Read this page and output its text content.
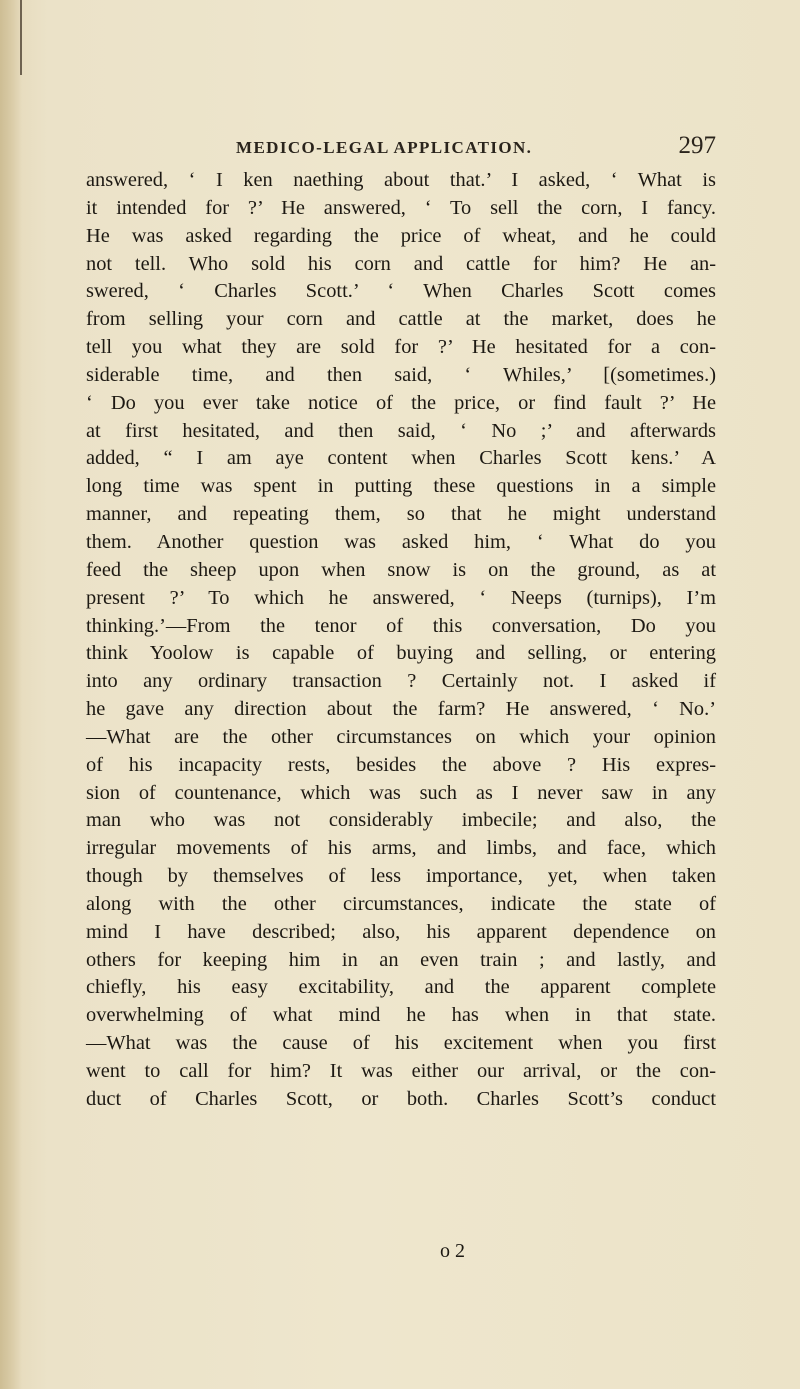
MEDICO-LEGAL APPLICATION.	297
answered, ‘ I ken naething about that.’ I asked, ‘ What is
it intended for ?’ He answered, ‘ To sell the corn, I fancy.
He was asked regarding the price of wheat, and he could
not tell. Who sold his corn and cattle for him? He an-
swered, ‘ Charles Scott.’ ‘ When Charles Scott comes
from selling your corn and cattle at the market, does he
tell you what they are sold for ?’ He hesitated for a con-
siderable time, and then said, ‘ Whiles,’ [(sometimes.)
‘ Do you ever take notice of the price, or find fault ?’ He
at first hesitated, and then said, ‘ No ;’ and afterwards
added, “ I am aye content when Charles Scott kens.’ A
long time was spent in putting these questions in a simple
manner, and repeating them, so that he might understand
them. Another question was asked him, ‘ What do you
feed the sheep upon when snow is on the ground, as at
present ?’ To which he answered, ‘ Neeps (turnips), I’m
thinking.’—From the tenor of this conversation, Do you
think Yoolow is capable of buying and selling, or entering
into any ordinary transaction ? Certainly not. I asked if
he gave any direction about the farm? He answered, ‘ No.’
—What are the other circumstances on which your opinion
of his incapacity rests, besides the above ? His expres-
sion of countenance, which was such as I never saw in any
man who was not considerably imbecile; and also, the
irregular movements of his arms, and limbs, and face, which
though by themselves of less importance, yet, when taken
along with the other circumstances, indicate the state of
mind I have described; also, his apparent dependence on
others for keeping him in an even train ; and lastly, and
chiefly, his easy excitability, and the apparent complete
overwhelming of what mind he has when in that state.
—What was the cause of his excitement when you first
went to call for him? It was either our arrival, or the con-
duct of Charles Scott, or both. Charles Scott’s conduct
o 2
